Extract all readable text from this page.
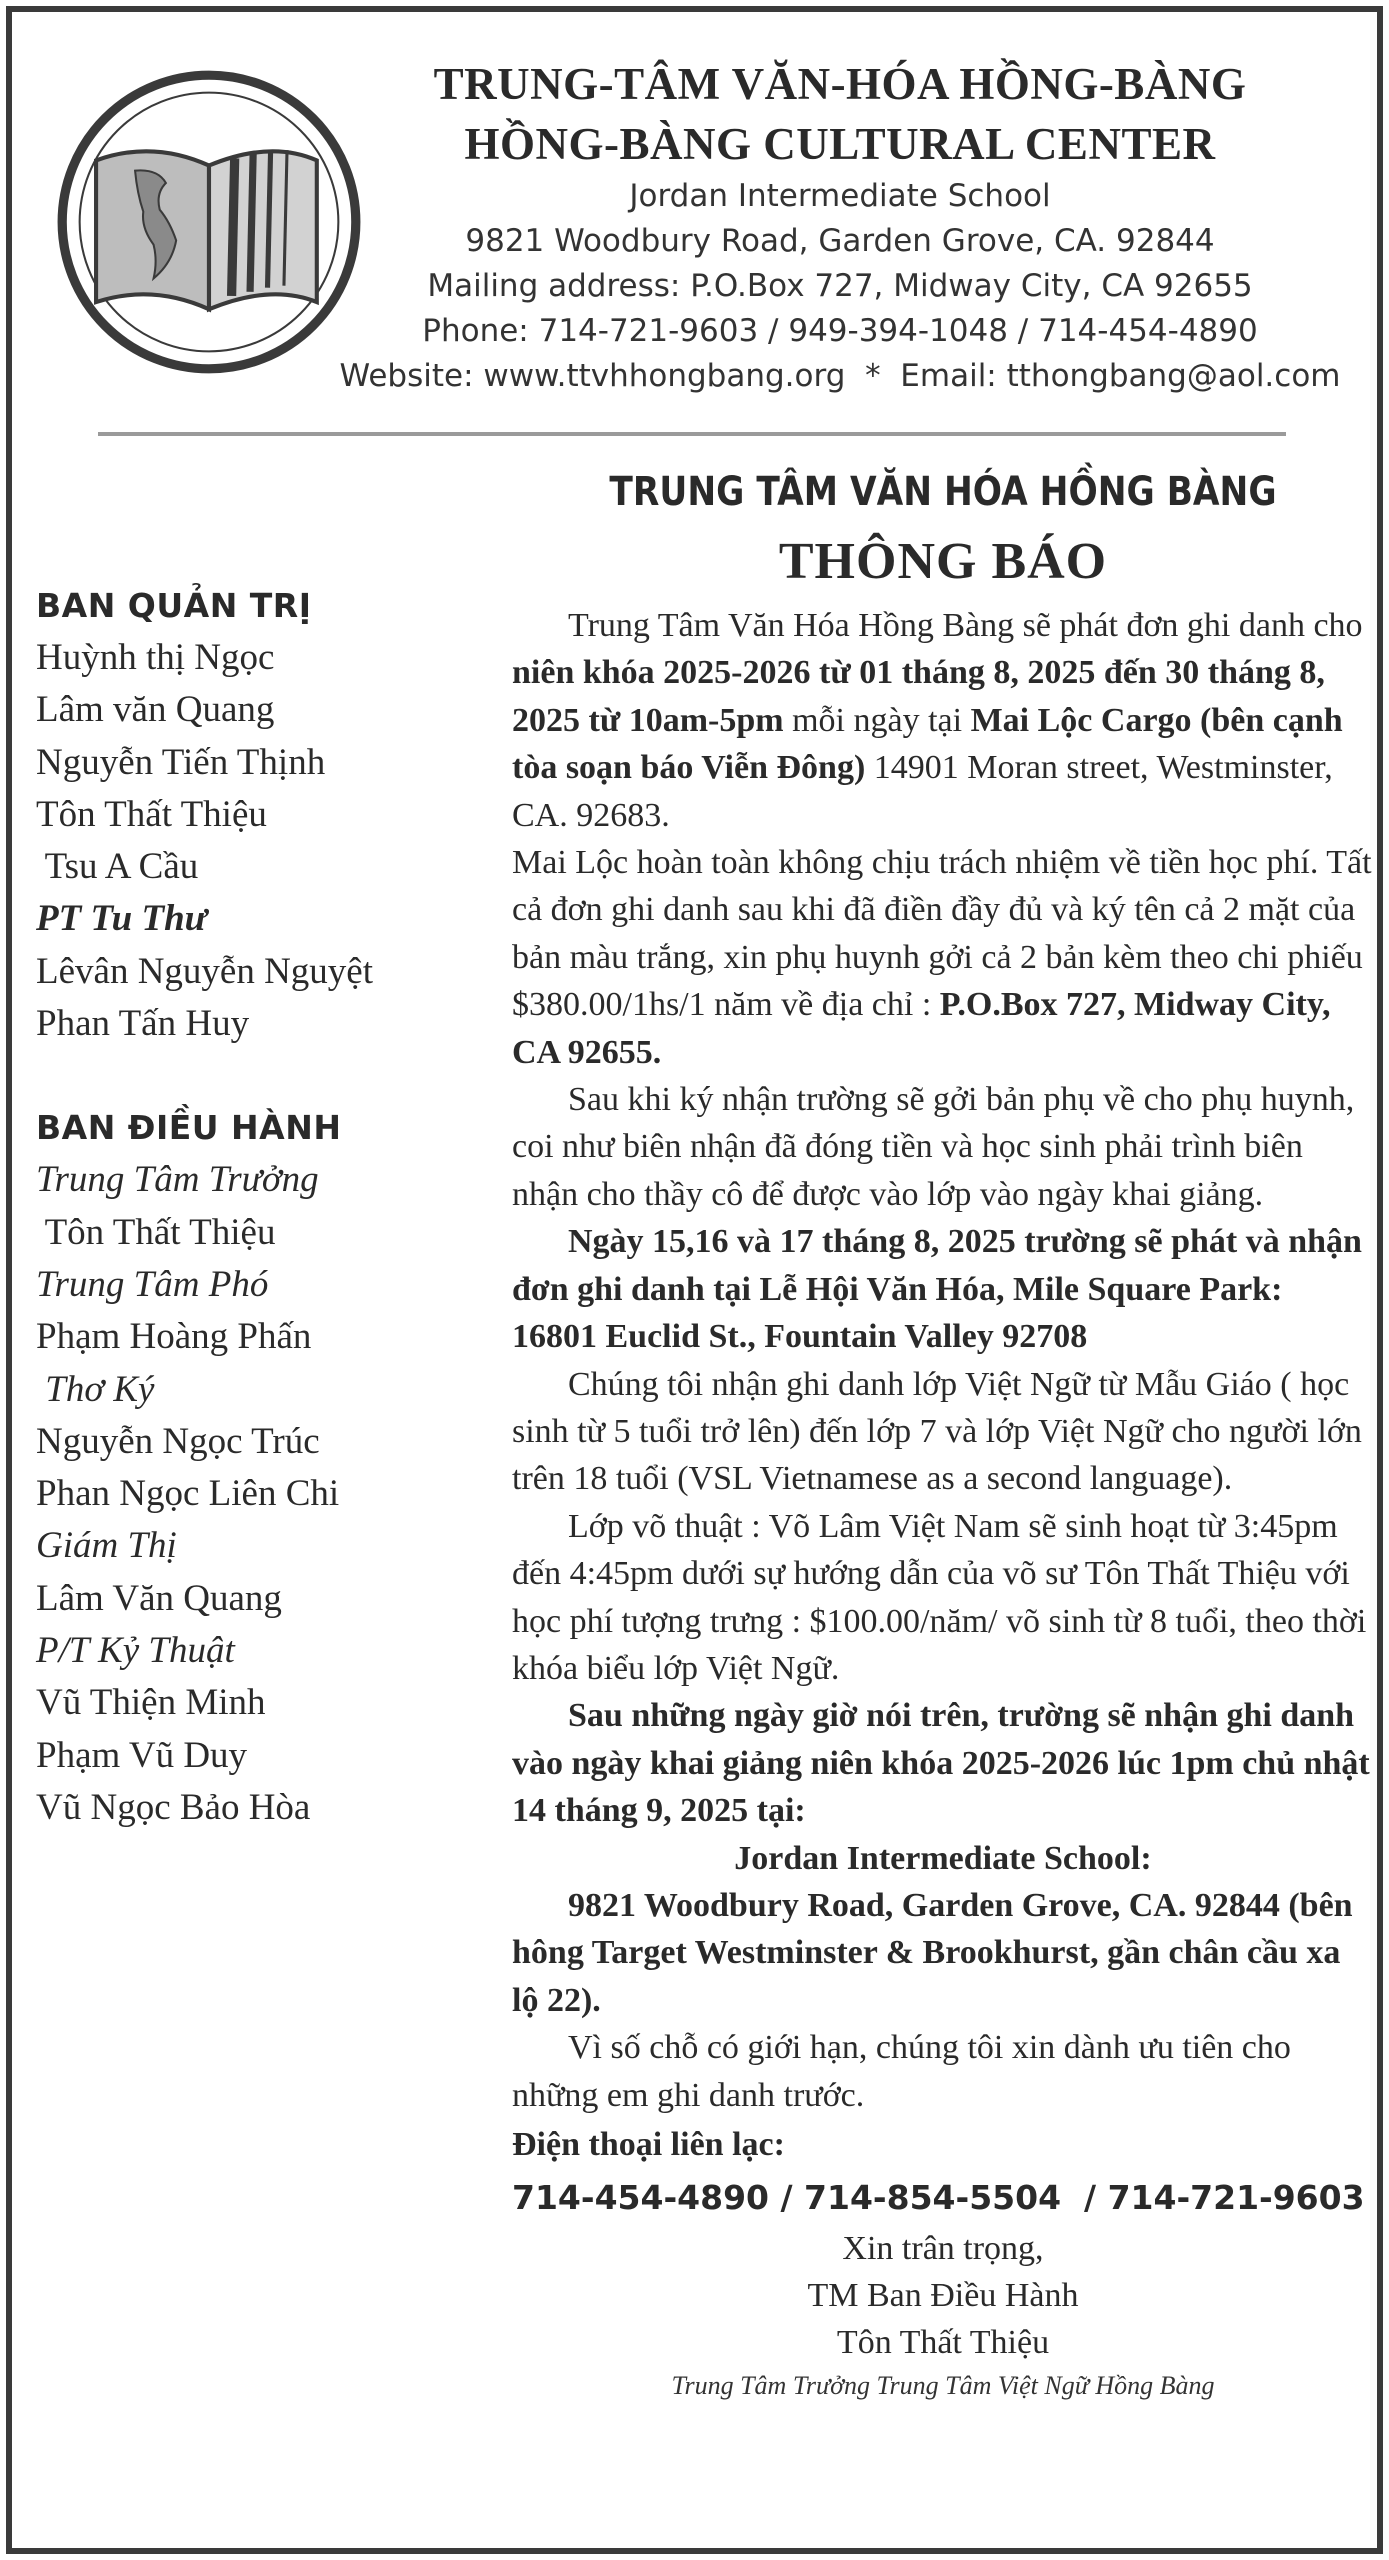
TRUNG-TÂM VĂN-HÓA HỒNG-BÀNG
HỒNG-BÀNG CULTURAL CENTER
Jordan Intermediate School
9821 Woodbury Road, Garden Grove, CA. 92844
Mailing address: P.O.Box 727, Midway City, CA 92655
Phone: 714-721-9603 / 949-394-1048 / 714-454-4890
Website: www.ttvhhongbang.org  *  Email: tthongbang@aol.com
BAN QUẢN TRỊ
Huỳnh thị Ngọc
Lâm văn Quang
Nguyễn Tiến Thịnh
Tôn Thất Thiệu
Tsu A Cầu
PT Tu Thư
Lêvân Nguyễn Nguyệt
Phan Tấn Huy
BAN ĐIỀU HÀNH
Trung Tâm Trưởng
Tôn Thất Thiệu
Trung Tâm Phó
Phạm Hoàng Phấn
Thơ Ký
Nguyễn Ngọc Trúc
Phan Ngọc Liên Chi
Giám Thị
Lâm Văn Quang
P/T Kỷ Thuật
Vũ Thiện Minh
Phạm Vũ Duy
Vũ Ngọc Bảo Hòa
TRUNG TÂM VĂN HÓA HỒNG BÀNG
THÔNG BÁO

Trung Tâm Văn Hóa Hồng Bàng sẽ phát đơn ghi danh cho niên khóa 2025-2026 từ 01 tháng 8, 2025 đến 30 tháng 8, 2025 từ 10am-5pm mỗi ngày tại Mai Lộc Cargo (bên cạnh tòa soạn báo Viễn Đông) 14901 Moran street, Westminster, CA. 92683.

Mai Lộc hoàn toàn không chịu trách nhiệm về tiền học phí. Tất cả đơn ghi danh sau khi đã điền đầy đủ và ký tên cả 2 mặt của bản màu trắng, xin phụ huynh gởi cả 2 bản kèm theo chi phiếu $380.00/1hs/1 năm về địa chỉ : P.O.Box 727, Midway City, CA 92655.

Sau khi ký nhận trường sẽ gởi bản phụ về cho phụ huynh, coi như biên nhận đã đóng tiền và học sinh phải trình biên nhận cho thầy cô để được vào lớp vào ngày khai giảng.

Ngày 15,16 và 17 tháng 8, 2025 trường sẽ phát và nhận đơn ghi danh tại Lễ Hội Văn Hóa, Mile Square Park: 16801 Euclid St., Fountain Valley 92708

Chúng tôi nhận ghi danh lớp Việt Ngữ từ Mẫu Giáo ( học sinh từ 5 tuổi trở lên) đến lớp 7 và lớp Việt Ngữ cho người lớn trên 18 tuổi (VSL Vietnamese as a second language).

Lớp võ thuật : Võ Lâm Việt Nam sẽ sinh hoạt từ 3:45pm đến 4:45pm dưới sự hướng dẫn của võ sư Tôn Thất Thiệu với học phí tượng trưng : $100.00/năm/ võ sinh từ 8 tuổi, theo thời khóa biểu lớp Việt Ngữ.

Sau những ngày giờ nói trên, trường sẽ nhận ghi danh vào ngày khai giảng niên khóa 2025-2026 lúc 1pm chủ nhật 14 tháng 9, 2025 tại:

Jordan Intermediate School:

9821 Woodbury Road, Garden Grove, CA. 92844 (bên hông Target Westminster & Brookhurst, gần chân cầu xa lộ 22).

Vì số chỗ có giới hạn, chúng tôi xin dành ưu tiên cho những em ghi danh trước.

Điện thoại liên lạc:
714-454-4890 / 714-854-5504  / 714-721-9603
Xin trân trọng,
TM Ban Điều Hành
Tôn Thất Thiệu
Trung Tâm Trưởng Trung Tâm Việt Ngữ Hồng Bàng
